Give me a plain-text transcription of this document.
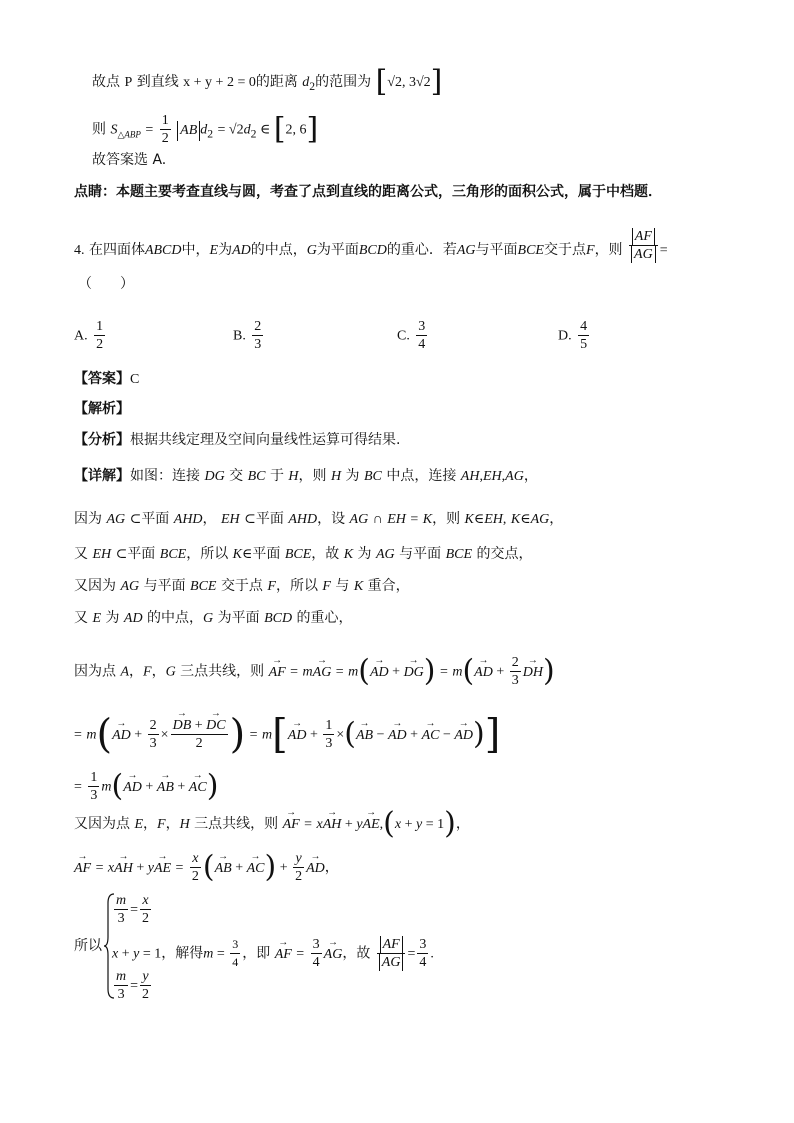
故点 P 到直线 x + y + 2 = 0的距离 $d_2$的范围为 [√2, 3√2]
则 $S_{\triangle ABP} = \frac{1}{2}$ AB $d_2 = √2d_2$ ∈ [2, 6]
故答案选 A.
点睛：本题主要考查直线与圆，考查了点到直线的距离公式，三角形的面积公式，属于中档题．
4. 在四面体ABCD中，E为AD的中点，G为平面BCD的重心．若AG与平面BCE交于点F，则 $\frac{AF}{AG}$ =
（　　）
A. $\frac{1}{2}$	B. $\frac{2}{3}$	C. $\frac{3}{4}$	D. $\frac{4}{5}$
【答案】C
【解析】
【分析】根据共线定理及空间向量线性运算可得结果.
【详解】如图：连接 DG 交 BC 于 H，则 H 为 BC 中点，连接 AH,EH,AG，
因为 AG ⊂平面 AHD， EH ⊂平面 AHD，设 AG ∩ EH = K，则 K∈EH, K∈AG，
又 EH ⊂平面 BCE，所以 K∈平面 BCE，故 K 为 AG 与平面 BCE 的交点，
又因为 AG 与平面 BCE 交于点 F，所以 F 与 K 重合，
又 E 为 AD 的中点，G 为平面 BCD 的重心，
因为点 A，F，G 三点共线，则 → AF = m→ AG = m(→ AD + → DG) = m(→ AD + $\frac{2}{3}$
→ DH)
= m(→ AD + $\frac{2}{3}$ ×
→ $\frac{DB + \to DC}{2}$ ) = m[→ AD + $\frac{1}{3}$ ×(→ AB − → AD + → AC − → AD)]
= $\frac{1}{3} m(\to$ AD + → AB + → AC)
又因为点 E，F，H 三点共线，则 → AF = x→ AH + y→ AE,(x + y = 1)，
→ AF = x→ AH + y→ AE = $\frac{x}{2}$ (→ AB + → $AC) + \frac{y}{2}$
→ AD，
所以
$\frac{m}{3} = \frac{x}{2}$
x + y = 1，解得$m = \frac{3}{4}$ ，即 → AF = $\frac{3}{4}$
→ AG，故 $\frac{AF}{AG} = \frac{3}{4}$ .
$\frac{m}{3} = \frac{y}{2}$
